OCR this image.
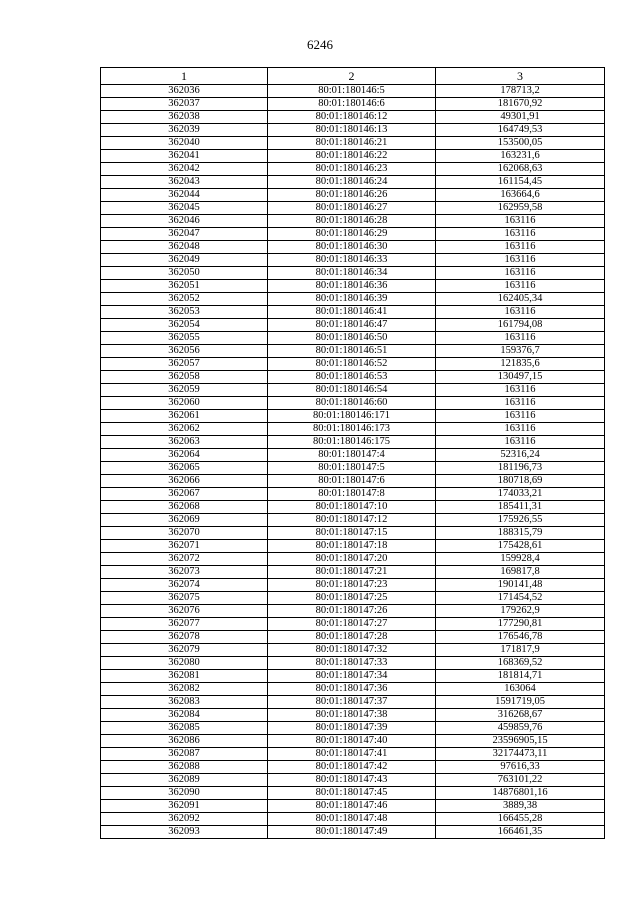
6246
1	2	3
362036	80:01:180146:5	178713,2
362037	80:01:180146:6	181670,92
362038	80:01:180146:12	49301,91
362039	80:01:180146:13	164749,53
362040	80:01:180146:21	153500,05
362041	80:01:180146:22	163231,6
362042	80:01:180146:23	162068,63
362043	80:01:180146:24	161154,45
362044	80:01:180146:26	163664,6
362045	80:01:180146:27	162959,58
362046	80:01:180146:28	163116
362047	80:01:180146:29	163116
362048	80:01:180146:30	163116
362049	80:01:180146:33	163116
362050	80:01:180146:34	163116
362051	80:01:180146:36	163116
362052	80:01:180146:39	162405,34
362053	80:01:180146:41	163116
362054	80:01:180146:47	161794,08
362055	80:01:180146:50	163116
362056	80:01:180146:51	159376,7
362057	80:01:180146:52	121835,6
362058	80:01:180146:53	130497,15
362059	80:01:180146:54	163116
362060	80:01:180146:60	163116
362061	80:01:180146:171	163116
362062	80:01:180146:173	163116
362063	80:01:180146:175	163116
362064	80:01:180147:4	52316,24
362065	80:01:180147:5	181196,73
362066	80:01:180147:6	180718,69
362067	80:01:180147:8	174033,21
362068	80:01:180147:10	185411,31
362069	80:01:180147:12	175926,55
362070	80:01:180147:15	188315,79
362071	80:01:180147:18	175428,61
362072	80:01:180147:20	159928,4
362073	80:01:180147:21	169817,8
362074	80:01:180147:23	190141,48
362075	80:01:180147:25	171454,52
362076	80:01:180147:26	179262,9
362077	80:01:180147:27	177290,81
362078	80:01:180147:28	176546,78
362079	80:01:180147:32	171817,9
362080	80:01:180147:33	168369,52
362081	80:01:180147:34	181814,71
362082	80:01:180147:36	163064
362083	80:01:180147:37	1591719,05
362084	80:01:180147:38	316268,67
362085	80:01:180147:39	459859,76
362086	80:01:180147:40	23596905,15
362087	80:01:180147:41	32174473,11
362088	80:01:180147:42	97616,33
362089	80:01:180147:43	763101,22
362090	80:01:180147:45	14876801,16
362091	80:01:180147:46	3889,38
362092	80:01:180147:48	166455,28
362093	80:01:180147:49	166461,35
